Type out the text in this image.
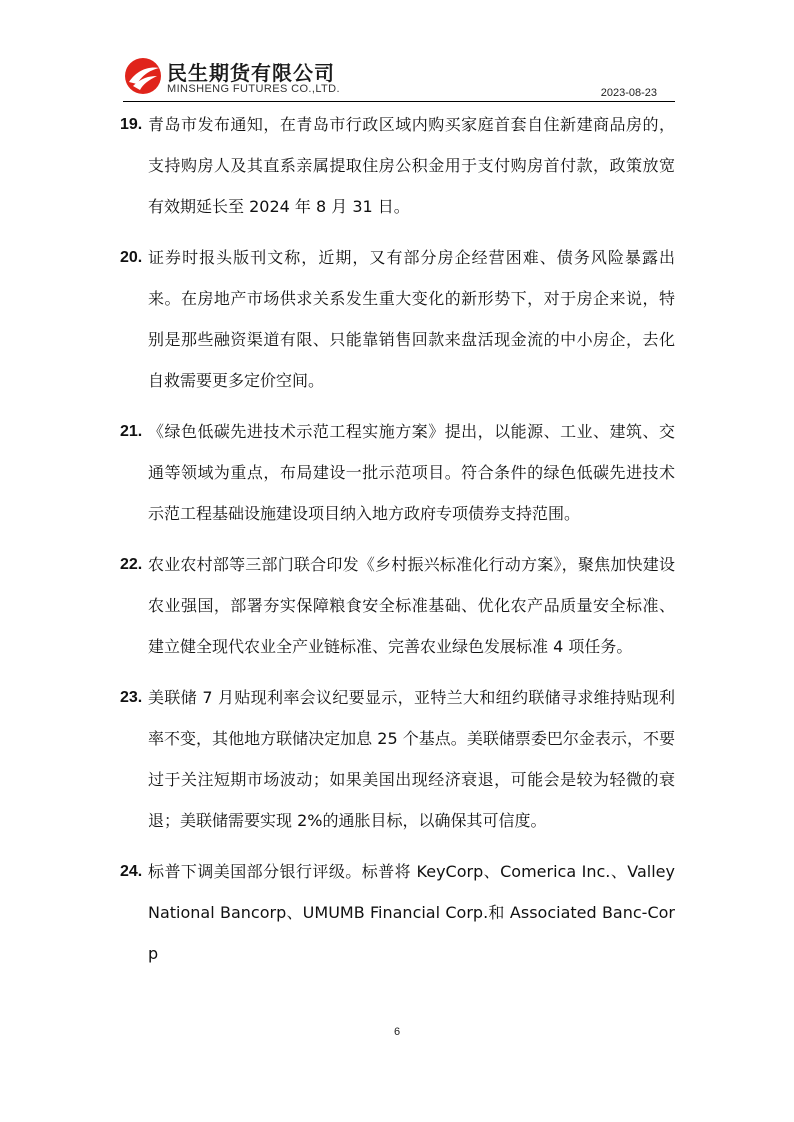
民生期货有限公司
MINSHENG FUTURES CO.,LTD.	2023-08-23
19. 青岛市发布通知，在青岛市行政区域内购买家庭首套自住新建商品房的，支持购房人及其直系亲属提取住房公积金用于支付购房首付款，政策放宽有效期延长至 2024 年 8 月 31 日。
20. 证券时报头版刊文称，近期，又有部分房企经营困难、债务风险暴露出来。在房地产市场供求关系发生重大变化的新形势下，对于房企来说，特别是那些融资渠道有限、只能靠销售回款来盘活现金流的中小房企，去化自救需要更多定价空间。
21. 《绿色低碳先进技术示范工程实施方案》提出，以能源、工业、建筑、交通等领域为重点，布局建设一批示范项目。符合条件的绿色低碳先进技术示范工程基础设施建设项目纳入地方政府专项债券支持范围。
22. 农业农村部等三部门联合印发《乡村振兴标准化行动方案》，聚焦加快建设农业强国，部署夯实保障粮食安全标准基础、优化农产品质量安全标准、建立健全现代农业全产业链标准、完善农业绿色发展标准 4 项任务。
23. 美联储 7 月贴现利率会议纪要显示，亚特兰大和纽约联储寻求维持贴现利率不变，其他地方联储决定加息 25 个基点。美联储票委巴尔金表示，不要过于关注短期市场波动；如果美国出现经济衰退，可能会是较为轻微的衰退；美联储需要实现 2%的通胀目标，以确保其可信度。
24. 标普下调美国部分银行评级。标普将 KeyCorp、Comerica Inc.、Valley National Bancorp、UMUMB Financial Corp.和 Associated Banc-Corp
6
